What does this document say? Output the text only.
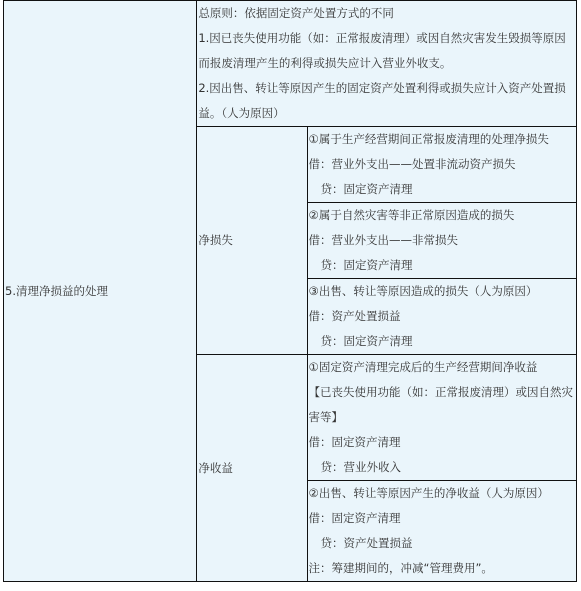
5.清理净损益的处理	总原则：依据固定资产处置方式的不同
1.因已丧失使用功能（如：正常报废清理）或因自然灾害发生毁损等原因而报废清理产生的利得或损失应计入营业外收支。
2.因出售、转让等原因产生的固定资产处置利得或损失应计入资产处置损益。（人为原因）	

	净损失	①属于生产经营期间正常报废清理的处理净损失
借：营业外支出——处置非流动资产损失
贷：固定资产清理

		②属于自然灾害等非正常原因造成的损失
借：营业外支出——非常损失
贷：固定资产清理

		③出售、转让等原因造成的损失（人为原因）
借：资产处置损益
贷：固定资产清理

	净收益	①固定资产清理完成后的生产经营期间净收益
【已丧失使用功能（如：正常报废清理）或因自然灾害等】
借：固定资产清理
贷：营业外收入

		②出售、转让等原因产生的净收益（人为原因）
借：固定资产清理
贷：资产处置损益
注：筹建期间的，冲减“管理费用”。
